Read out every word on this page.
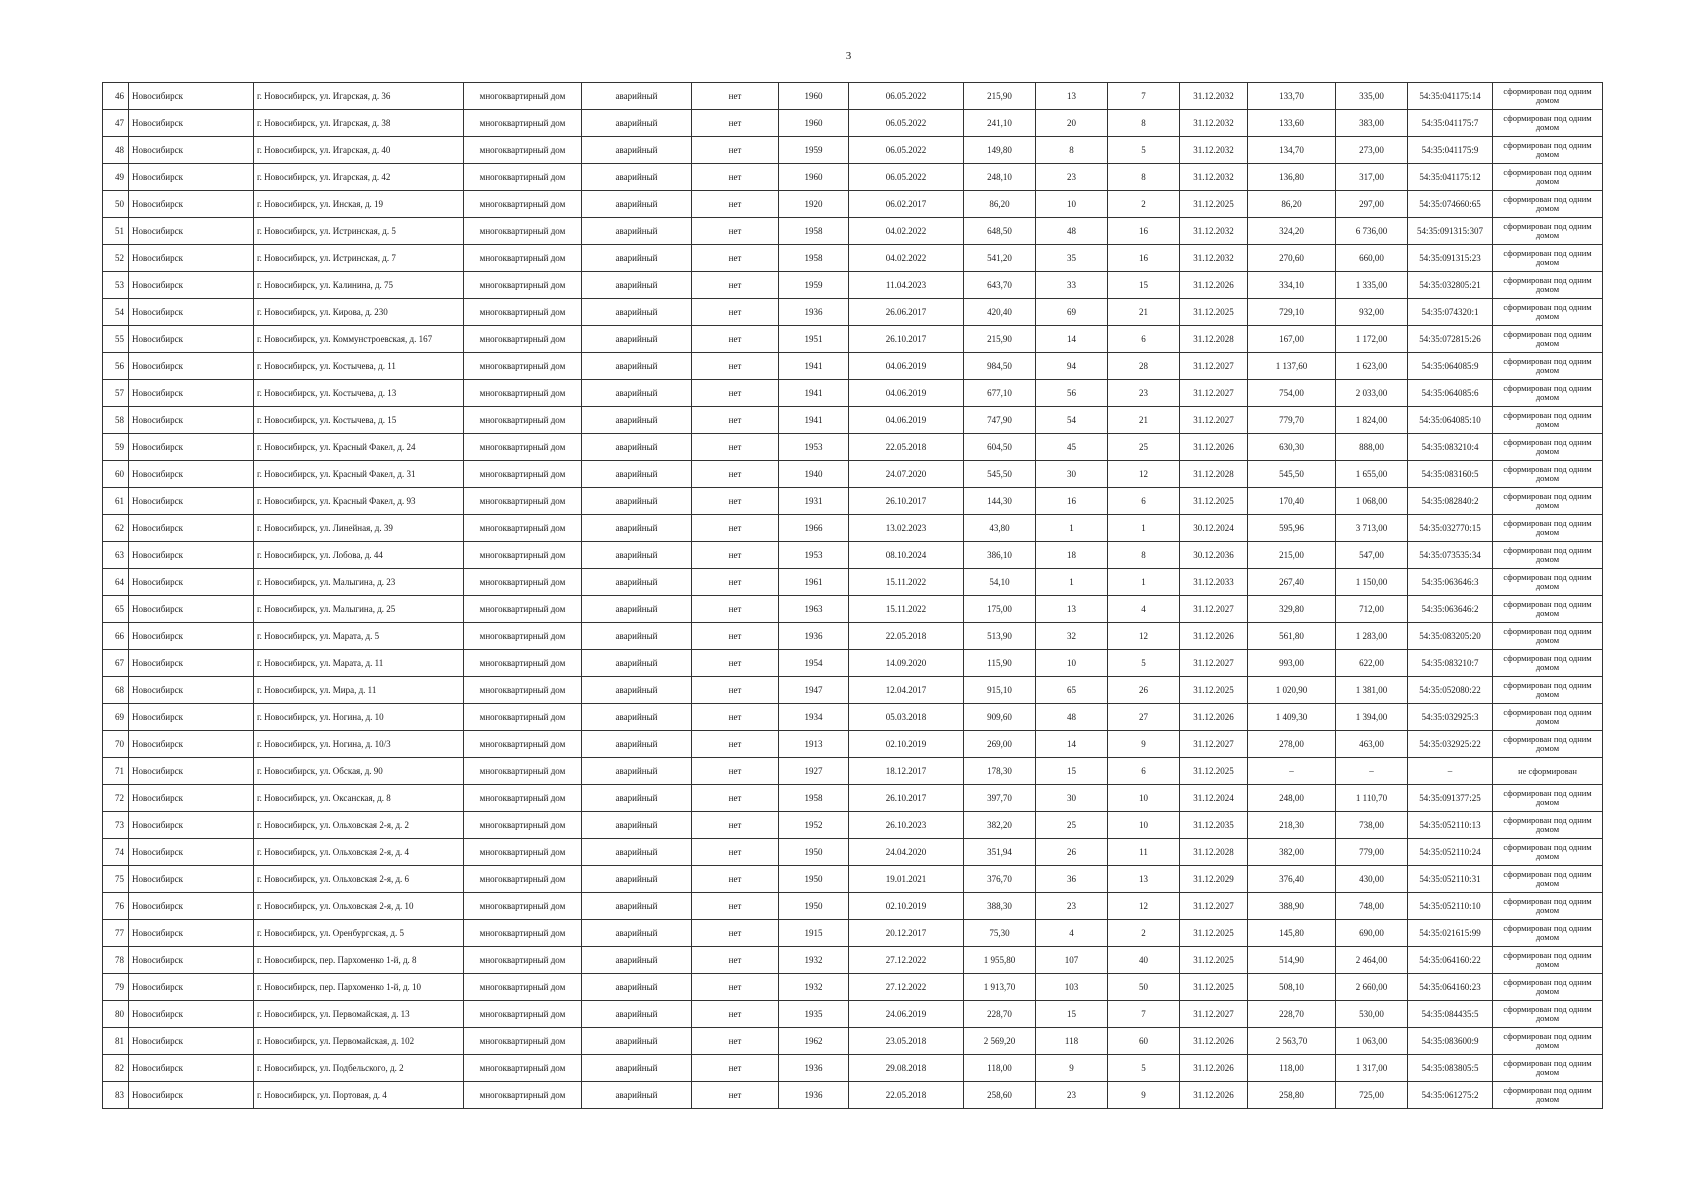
3
46	Новосибирск	г. Новосибирск, ул. Игарская, д. 36	многоквартирный дом	аварийный	нет	1960	06.05.2022	215,90	13	7	31.12.2032	133,70	335,00	54:35:041175:14	сформирован под одним домом
47	Новосибирск	г. Новосибирск, ул. Игарская, д. 38	многоквартирный дом	аварийный	нет	1960	06.05.2022	241,10	20	8	31.12.2032	133,60	383,00	54:35:041175:7	сформирован под одним домом
48	Новосибирск	г. Новосибирск, ул. Игарская, д. 40	многоквартирный дом	аварийный	нет	1959	06.05.2022	149,80	8	5	31.12.2032	134,70	273,00	54:35:041175:9	сформирован под одним домом
49	Новосибирск	г. Новосибирск, ул. Игарская, д. 42	многоквартирный дом	аварийный	нет	1960	06.05.2022	248,10	23	8	31.12.2032	136,80	317,00	54:35:041175:12	сформирован под одним домом
50	Новосибирск	г. Новосибирск, ул. Инская, д. 19	многоквартирный дом	аварийный	нет	1920	06.02.2017	86,20	10	2	31.12.2025	86,20	297,00	54:35:074660:65	сформирован под одним домом
51	Новосибирск	г. Новосибирск, ул. Истринская, д. 5	многоквартирный дом	аварийный	нет	1958	04.02.2022	648,50	48	16	31.12.2032	324,20	6 736,00	54:35:091315:307	сформирован под одним домом
52	Новосибирск	г. Новосибирск, ул. Истринская, д. 7	многоквартирный дом	аварийный	нет	1958	04.02.2022	541,20	35	16	31.12.2032	270,60	660,00	54:35:091315:23	сформирован под одним домом
53	Новосибирск	г. Новосибирск, ул. Калинина, д. 75	многоквартирный дом	аварийный	нет	1959	11.04.2023	643,70	33	15	31.12.2026	334,10	1 335,00	54:35:032805:21	сформирован под одним домом
54	Новосибирск	г. Новосибирск, ул. Кирова, д. 230	многоквартирный дом	аварийный	нет	1936	26.06.2017	420,40	69	21	31.12.2025	729,10	932,00	54:35:074320:1	сформирован под одним домом
55	Новосибирск	г. Новосибирск, ул. Коммунстроевская, д. 167	многоквартирный дом	аварийный	нет	1951	26.10.2017	215,90	14	6	31.12.2028	167,00	1 172,00	54:35:072815:26	сформирован под одним домом
56	Новосибирск	г. Новосибирск, ул. Костычева, д. 11	многоквартирный дом	аварийный	нет	1941	04.06.2019	984,50	94	28	31.12.2027	1 137,60	1 623,00	54:35:064085:9	сформирован под одним домом
57	Новосибирск	г. Новосибирск, ул. Костычева, д. 13	многоквартирный дом	аварийный	нет	1941	04.06.2019	677,10	56	23	31.12.2027	754,00	2 033,00	54:35:064085:6	сформирован под одним домом
58	Новосибирск	г. Новосибирск, ул. Костычева, д. 15	многоквартирный дом	аварийный	нет	1941	04.06.2019	747,90	54	21	31.12.2027	779,70	1 824,00	54:35:064085:10	сформирован под одним домом
59	Новосибирск	г. Новосибирск, ул. Красный Факел, д. 24	многоквартирный дом	аварийный	нет	1953	22.05.2018	604,50	45	25	31.12.2026	630,30	888,00	54:35:083210:4	сформирован под одним домом
60	Новосибирск	г. Новосибирск, ул. Красный Факел, д. 31	многоквартирный дом	аварийный	нет	1940	24.07.2020	545,50	30	12	31.12.2028	545,50	1 655,00	54:35:083160:5	сформирован под одним домом
61	Новосибирск	г. Новосибирск, ул. Красный Факел, д. 93	многоквартирный дом	аварийный	нет	1931	26.10.2017	144,30	16	6	31.12.2025	170,40	1 068,00	54:35:082840:2	сформирован под одним домом
62	Новосибирск	г. Новосибирск, ул. Линейная, д. 39	многоквартирный дом	аварийный	нет	1966	13.02.2023	43,80	1	1	30.12.2024	595,96	3 713,00	54:35:032770:15	сформирован под одним домом
63	Новосибирск	г. Новосибирск, ул. Лобова, д. 44	многоквартирный дом	аварийный	нет	1953	08.10.2024	386,10	18	8	30.12.2036	215,00	547,00	54:35:073535:34	сформирован под одним домом
64	Новосибирск	г. Новосибирск, ул. Малыгина, д. 23	многоквартирный дом	аварийный	нет	1961	15.11.2022	54,10	1	1	31.12.2033	267,40	1 150,00	54:35:063646:3	сформирован под одним домом
65	Новосибирск	г. Новосибирск, ул. Малыгина, д. 25	многоквартирный дом	аварийный	нет	1963	15.11.2022	175,00	13	4	31.12.2027	329,80	712,00	54:35:063646:2	сформирован под одним домом
66	Новосибирск	г. Новосибирск, ул. Марата, д. 5	многоквартирный дом	аварийный	нет	1936	22.05.2018	513,90	32	12	31.12.2026	561,80	1 283,00	54:35:083205:20	сформирован под одним домом
67	Новосибирск	г. Новосибирск, ул. Марата, д. 11	многоквартирный дом	аварийный	нет	1954	14.09.2020	115,90	10	5	31.12.2027	993,00	622,00	54:35:083210:7	сформирован под одним домом
68	Новосибирск	г. Новосибирск, ул. Мира, д. 11	многоквартирный дом	аварийный	нет	1947	12.04.2017	915,10	65	26	31.12.2025	1 020,90	1 381,00	54:35:052080:22	сформирован под одним домом
69	Новосибирск	г. Новосибирск, ул. Ногина, д. 10	многоквартирный дом	аварийный	нет	1934	05.03.2018	909,60	48	27	31.12.2026	1 409,30	1 394,00	54:35:032925:3	сформирован под одним домом
70	Новосибирск	г. Новосибирск, ул. Ногина, д. 10/3	многоквартирный дом	аварийный	нет	1913	02.10.2019	269,00	14	9	31.12.2027	278,00	463,00	54:35:032925:22	сформирован под одним домом
71	Новосибирск	г. Новосибирск, ул. Обская, д. 90	многоквартирный дом	аварийный	нет	1927	18.12.2017	178,30	15	6	31.12.2025	–	–	–	не сформирован
72	Новосибирск	г. Новосибирск, ул. Оксанская, д. 8	многоквартирный дом	аварийный	нет	1958	26.10.2017	397,70	30	10	31.12.2024	248,00	1 110,70	54:35:091377:25	сформирован под одним домом
73	Новосибирск	г. Новосибирск, ул. Ольховская 2-я, д. 2	многоквартирный дом	аварийный	нет	1952	26.10.2023	382,20	25	10	31.12.2035	218,30	738,00	54:35:052110:13	сформирован под одним домом
74	Новосибирск	г. Новосибирск, ул. Ольховская 2-я, д. 4	многоквартирный дом	аварийный	нет	1950	24.04.2020	351,94	26	11	31.12.2028	382,00	779,00	54:35:052110:24	сформирован под одним домом
75	Новосибирск	г. Новосибирск, ул. Ольховская 2-я, д. 6	многоквартирный дом	аварийный	нет	1950	19.01.2021	376,70	36	13	31.12.2029	376,40	430,00	54:35:052110:31	сформирован под одним домом
76	Новосибирск	г. Новосибирск, ул. Ольховская 2-я, д. 10	многоквартирный дом	аварийный	нет	1950	02.10.2019	388,30	23	12	31.12.2027	388,90	748,00	54:35:052110:10	сформирован под одним домом
77	Новосибирск	г. Новосибирск, ул. Оренбургская, д. 5	многоквартирный дом	аварийный	нет	1915	20.12.2017	75,30	4	2	31.12.2025	145,80	690,00	54:35:021615:99	сформирован под одним домом
78	Новосибирск	г. Новосибирск, пер. Пархоменко 1-й, д. 8	многоквартирный дом	аварийный	нет	1932	27.12.2022	1 955,80	107	40	31.12.2025	514,90	2 464,00	54:35:064160:22	сформирован под одним домом
79	Новосибирск	г. Новосибирск, пер. Пархоменко 1-й, д. 10	многоквартирный дом	аварийный	нет	1932	27.12.2022	1 913,70	103	50	31.12.2025	508,10	2 660,00	54:35:064160:23	сформирован под одним домом
80	Новосибирск	г. Новосибирск, ул. Первомайская, д. 13	многоквартирный дом	аварийный	нет	1935	24.06.2019	228,70	15	7	31.12.2027	228,70	530,00	54:35:084435:5	сформирован под одним домом
81	Новосибирск	г. Новосибирск, ул. Первомайская, д. 102	многоквартирный дом	аварийный	нет	1962	23.05.2018	2 569,20	118	60	31.12.2026	2 563,70	1 063,00	54:35:083600:9	сформирован под одним домом
82	Новосибирск	г. Новосибирск, ул. Подбельского, д. 2	многоквартирный дом	аварийный	нет	1936	29.08.2018	118,00	9	5	31.12.2026	118,00	1 317,00	54:35:083805:5	сформирован под одним домом
83	Новосибирск	г. Новосибирск, ул. Портовая, д. 4	многоквартирный дом	аварийный	нет	1936	22.05.2018	258,60	23	9	31.12.2026	258,80	725,00	54:35:061275:2	сформирован под одним домом
